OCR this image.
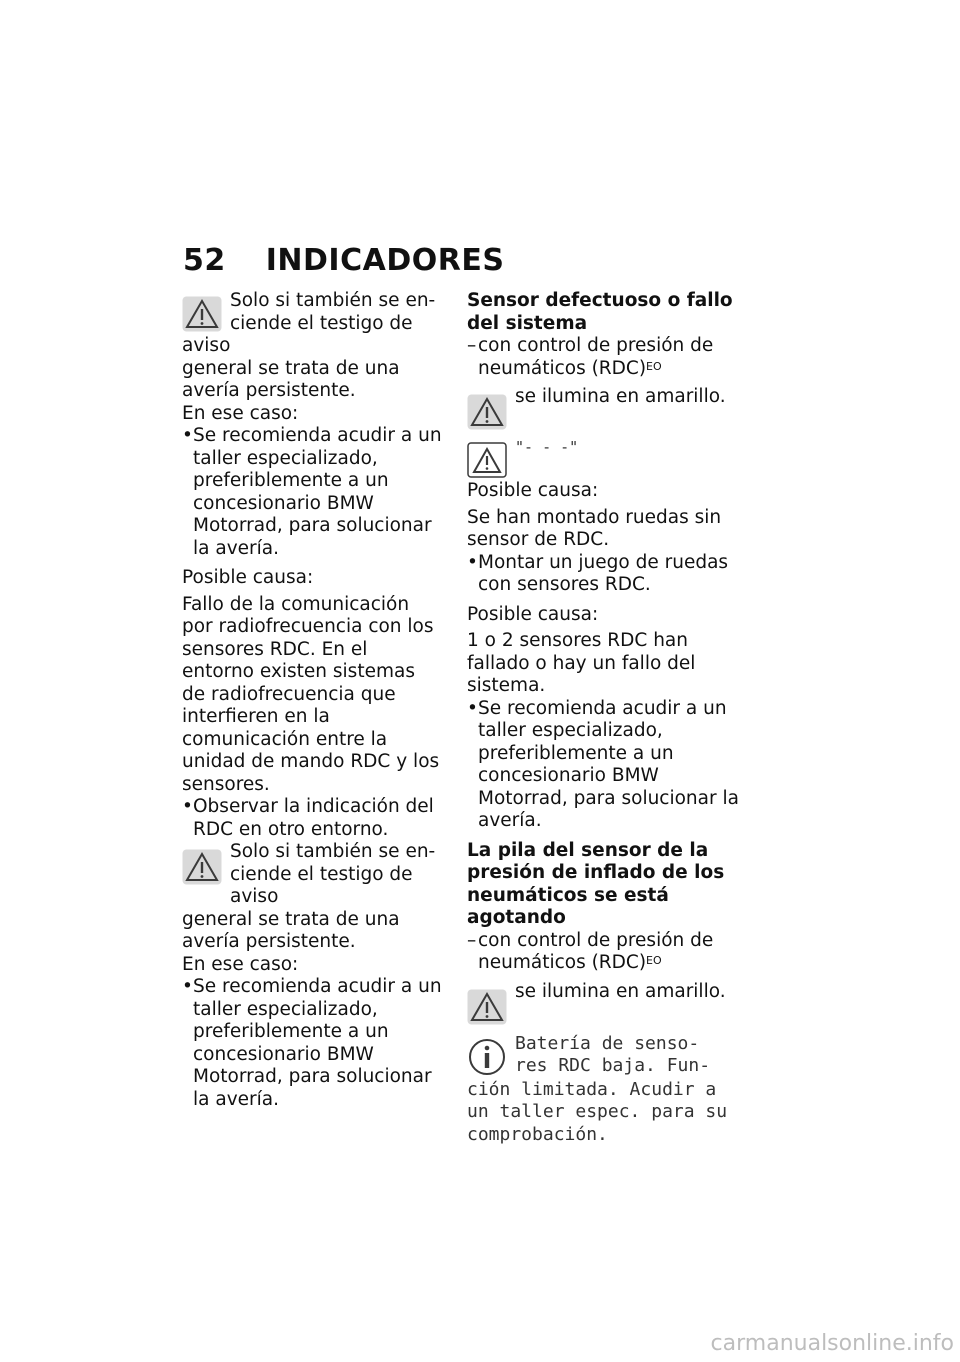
52 INDICADORES

Solo si también se en-

ciende el testigo de aviso

general se trata de una avería persistente.

En ese caso:

• Se recomienda acudir a un taller especializado, preferiblemente a un concesionario BMW Motorrad, para solucionar la avería.

Posible causa:

Fallo de la comunicación por radiofrecuencia con los sensores RDC. En el entorno existen sistemas de radiofrecuencia que interfieren en la comunicación entre la unidad de mando RDC y los sensores.

• Observar la indicación del RDC en otro entorno.

Solo si también se en-

ciende el testigo de aviso

general se trata de una avería persistente.

En ese caso:

• Se recomienda acudir a un taller especializado, preferiblemente a un concesionario BMW Motorrad, para solucionar la avería.
Sensor defectuoso o fallo del sistema
– con control de presión de neumáticos (RDC)$^{EO}$

se ilumina en amarillo.

"- - -"

Posible causa:

Se han montado ruedas sin sensor de RDC.

• Montar un juego de ruedas con sensores RDC.

Posible causa:

1 o 2 sensores RDC han fallado o hay un fallo del sistema.

• Se recomienda acudir a un taller especializado, preferiblemente a un concesionario BMW Motorrad, para solucionar la avería.
La pila del sensor de la presión de inflado de los neumáticos se está agotando
– con control de presión de neumáticos (RDC)$^{EO}$

se ilumina en amarillo.

Batería de senso-

res RDC baja. Fun-

ción limitada. Acudir a un taller espec. para su comprobación.

carmanualsonline.info
